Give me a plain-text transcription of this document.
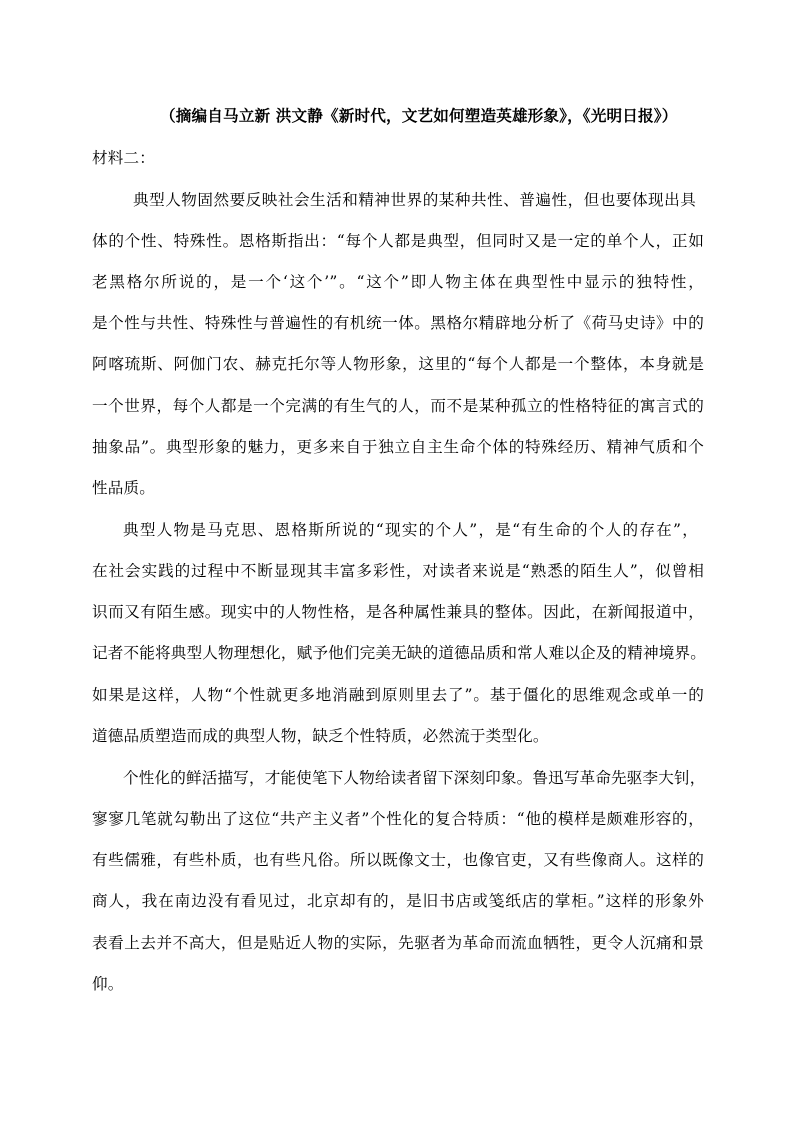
（摘编自马立新 洪文静《新时代，文艺如何塑造英雄形象》，《光明日报》）
材料二：
典型人物固然要反映社会生活和精神世界的某种共性、普遍性，但也要体现出具
体的个性、特殊性。恩格斯指出：“每个人都是典型，但同时又是一定的单个人，正如
老黑格尔所说的，是一个‘这个’”。“这个”即人物主体在典型性中显示的独特性，
是个性与共性、特殊性与普遍性的有机统一体。黑格尔精辟地分析了《荷马史诗》中的
阿喀琉斯、阿伽门农、赫克托尔等人物形象，这里的“每个人都是一个整体，本身就是
一个世界，每个人都是一个完满的有生气的人，而不是某种孤立的性格特征的寓言式的
抽象品”。典型形象的魅力，更多来自于独立自主生命个体的特殊经历、精神气质和个
性品质。
典型人物是马克思、恩格斯所说的“现实的个人”，是“有生命的个人的存在”，
在社会实践的过程中不断显现其丰富多彩性，对读者来说是“熟悉的陌生人”，似曾相
识而又有陌生感。现实中的人物性格，是各种属性兼具的整体。因此，在新闻报道中，
记者不能将典型人物理想化，赋予他们完美无缺的道德品质和常人难以企及的精神境界。
如果是这样，人物“个性就更多地消融到原则里去了”。基于僵化的思维观念或单一的
道德品质塑造而成的典型人物，缺乏个性特质，必然流于类型化。
个性化的鲜活描写，才能使笔下人物给读者留下深刻印象。鲁迅写革命先驱李大钊，
寥寥几笔就勾勒出了这位“共产主义者”个性化的复合特质：“他的模样是颇难形容的，
有些儒雅，有些朴质，也有些凡俗。所以既像文士，也像官吏，又有些像商人。这样的
商人，我在南边没有看见过，北京却有的，是旧书店或笺纸店的掌柜。”这样的形象外
表看上去并不高大，但是贴近人物的实际，先驱者为革命而流血牺牲，更令人沉痛和景
仰。
